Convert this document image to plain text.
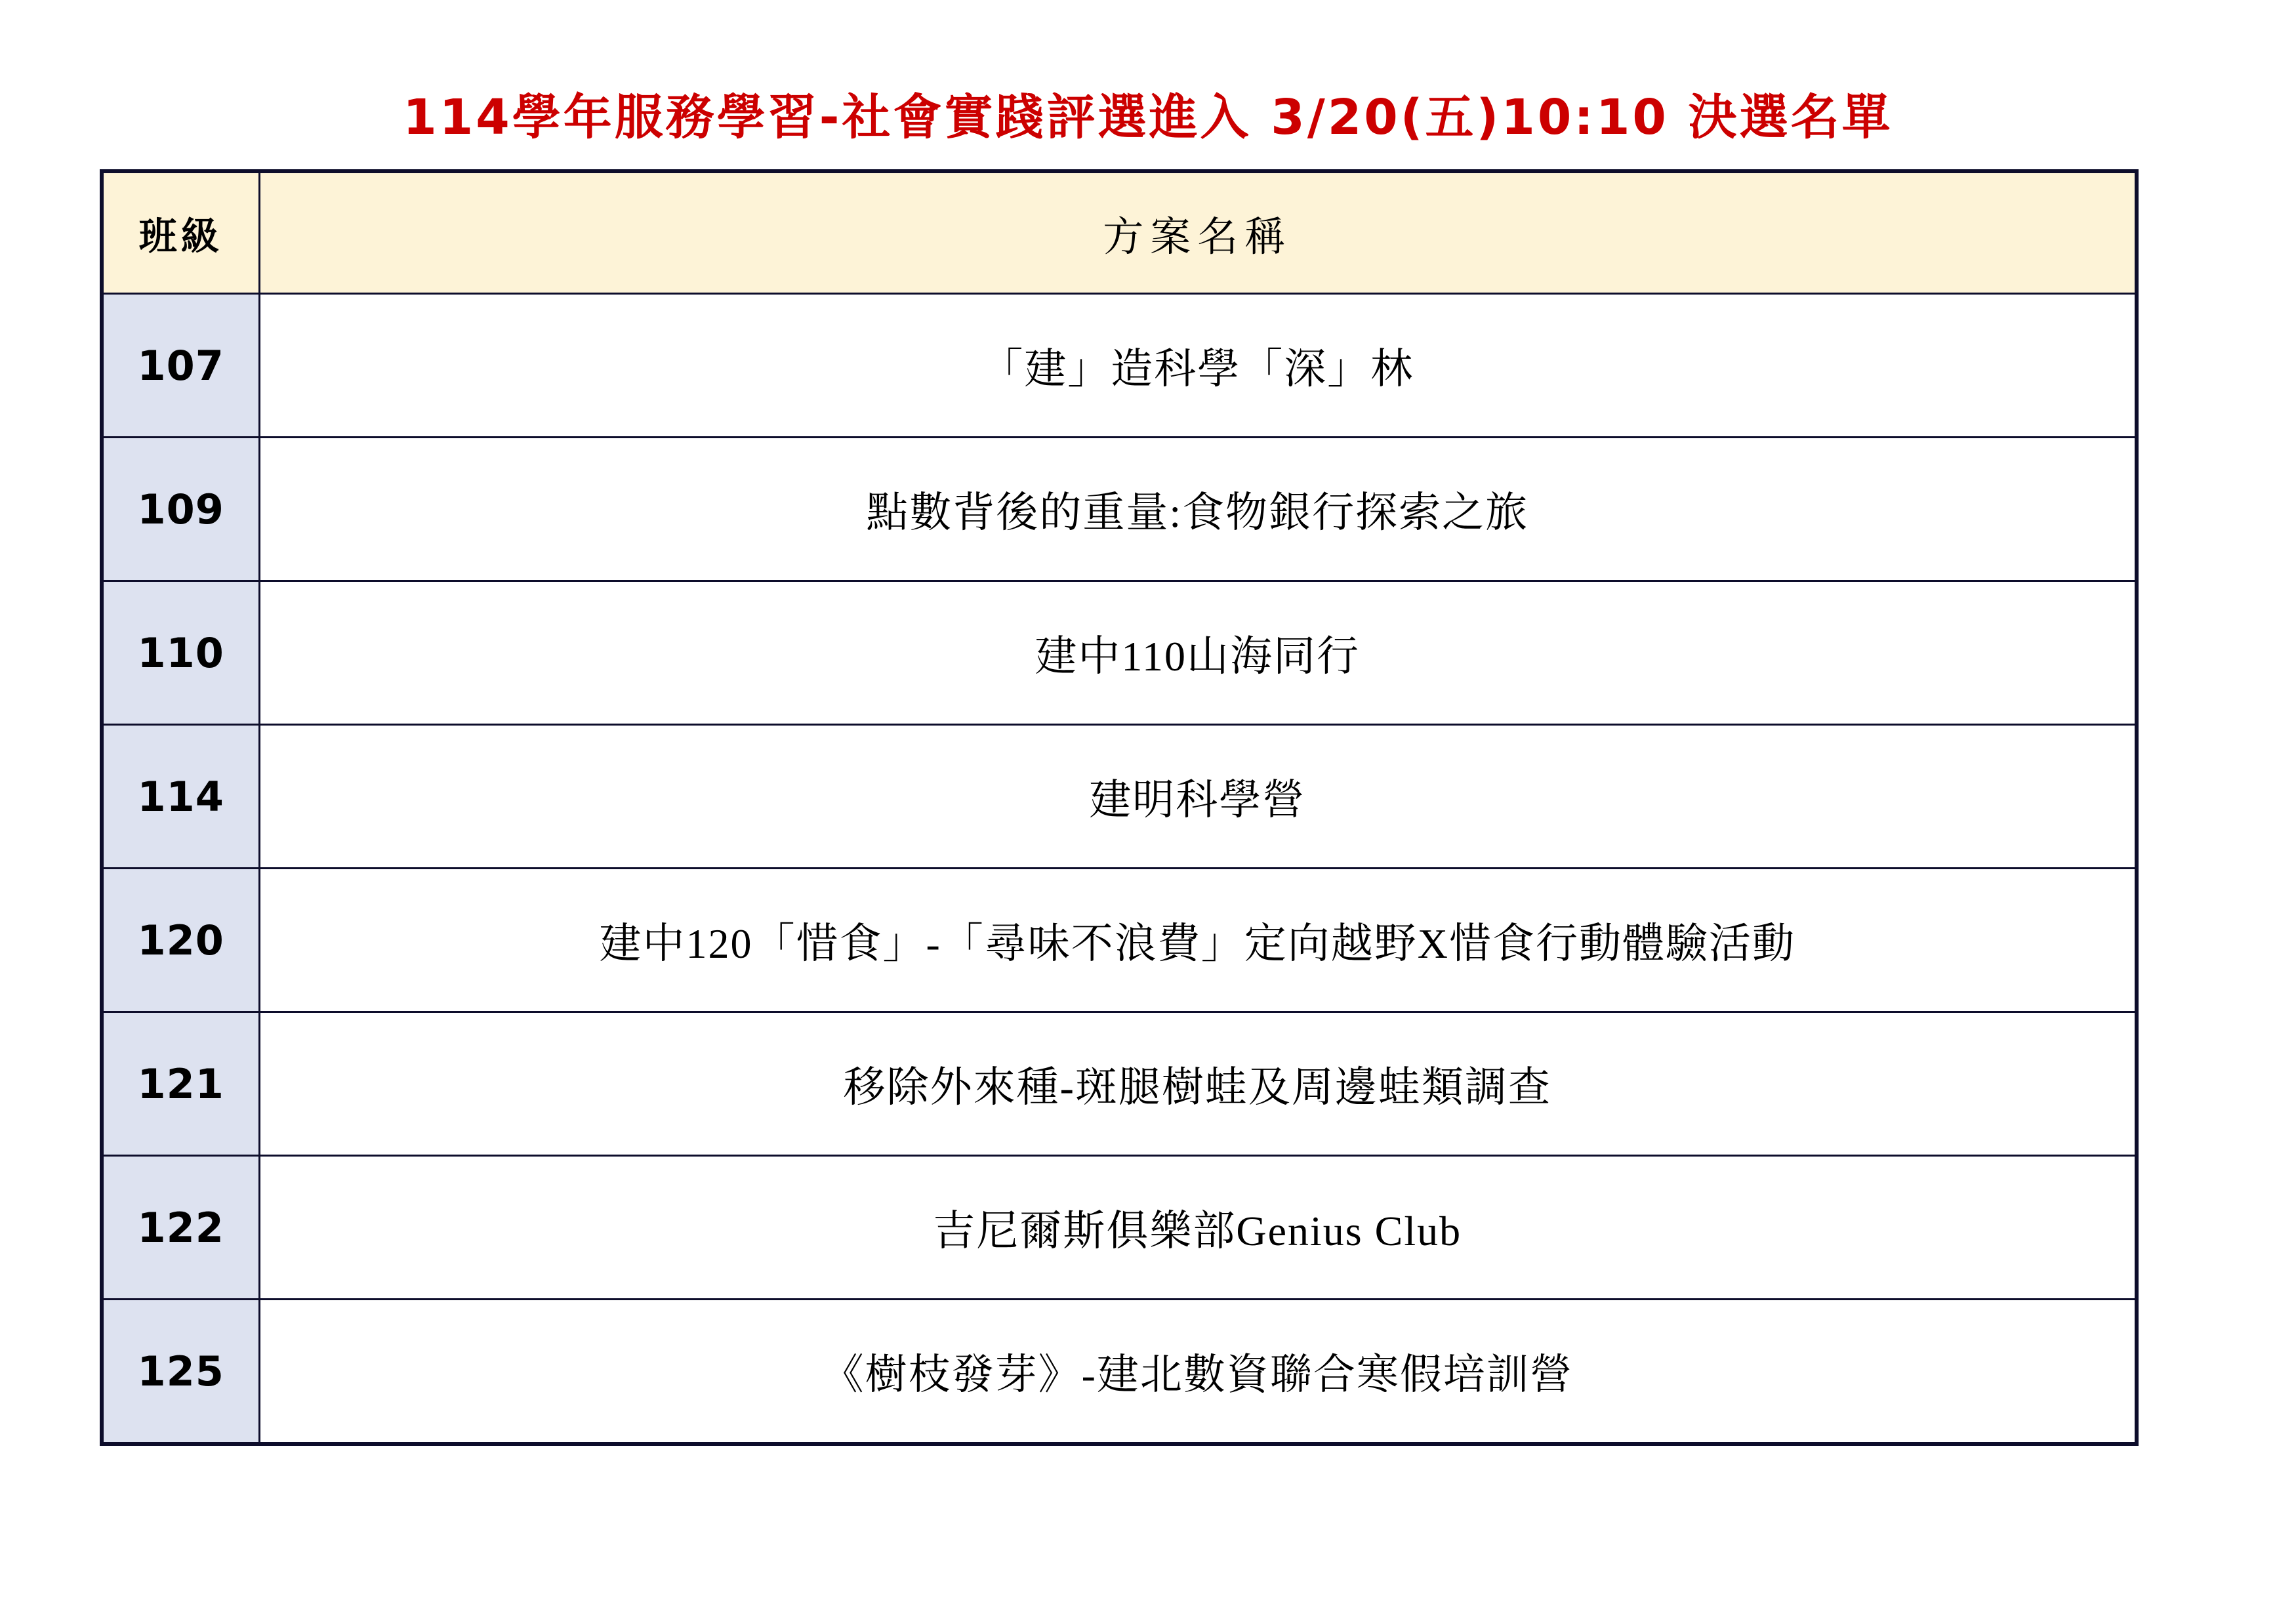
114學年服務學習-社會實踐評選進入 3/20(五)10:10 決選名單
班級	方案名稱
107	「建」造科學「深」林
109	點數背後的重量:食物銀行探索之旅
110	建中110山海同行
114	建明科學營
120	建中120「惜食」-「尋味不浪費」定向越野X惜食行動體驗活動
121	移除外來種-斑腿樹蛙及周邊蛙類調查
122	吉尼爾斯俱樂部Genius Club
125	《樹枝發芽》-建北數資聯合寒假培訓營
